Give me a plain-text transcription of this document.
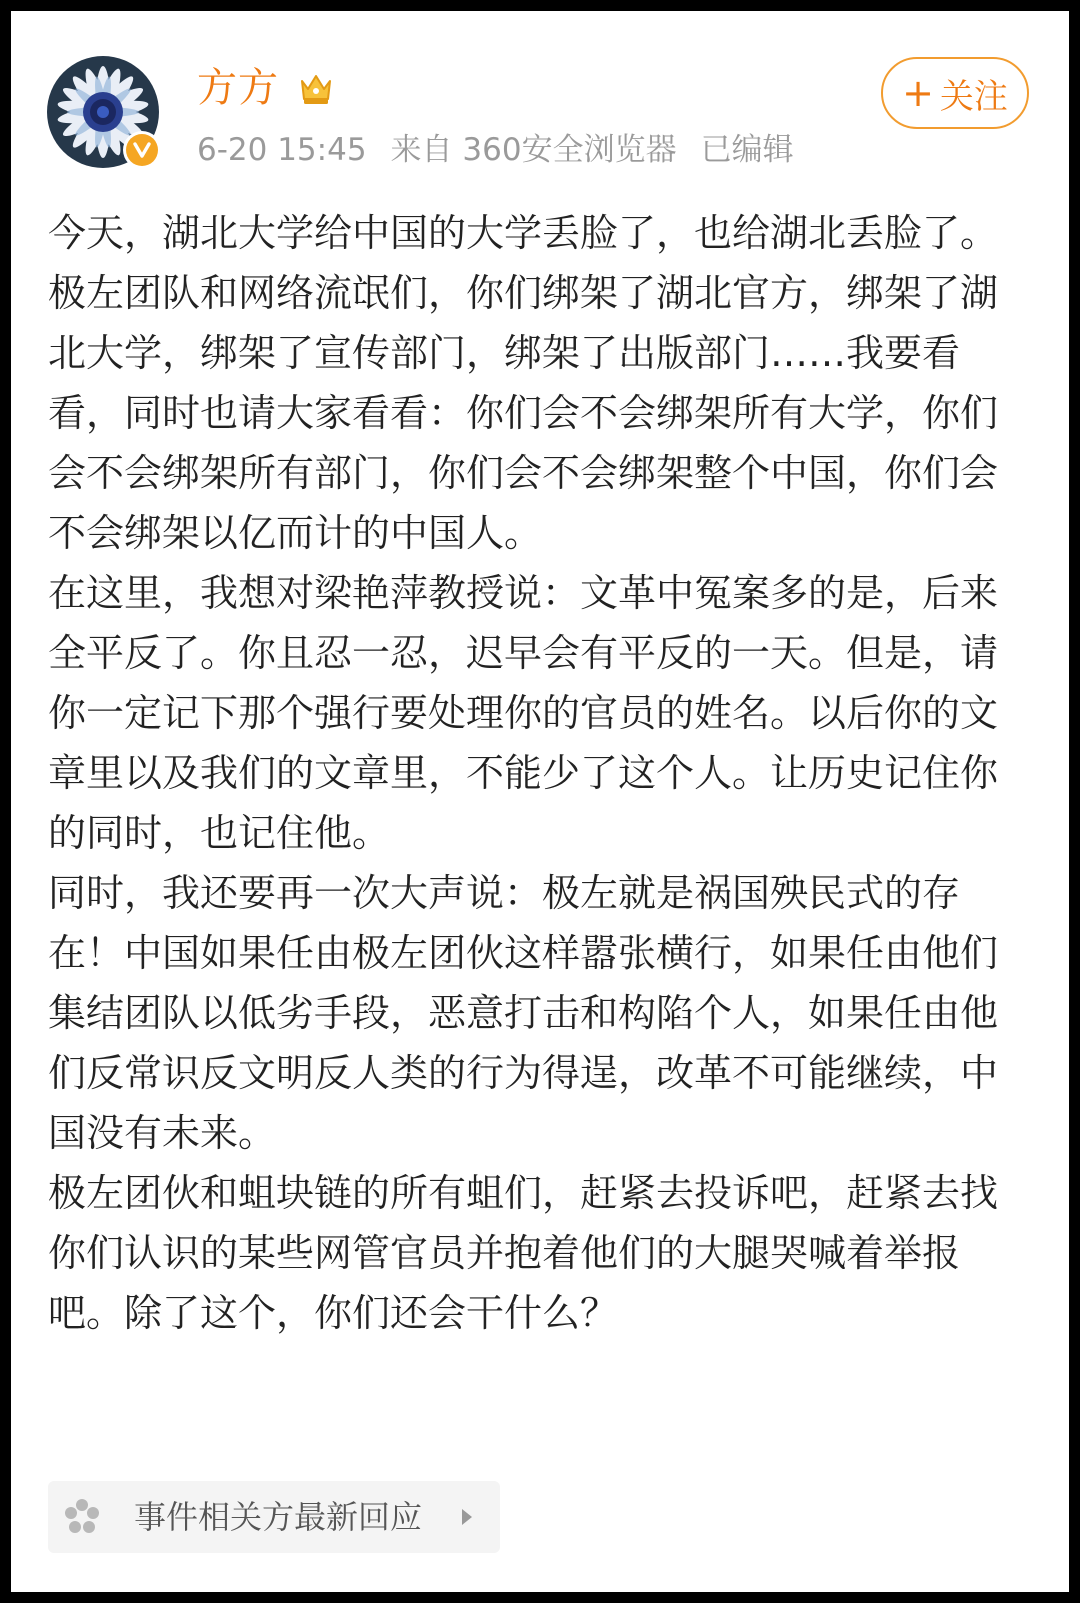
方方
6-20 15:45 来自 360安全浏览器 已编辑
+ 关注
今天，湖北大学给中国的大学丢脸了，也给湖北丢脸了。
极左团队和网络流氓们，你们绑架了湖北官方，绑架了湖北大学，绑架了宣传部门，绑架了出版部门……我要看看，同时也请大家看看：你们会不会绑架所有大学，你们会不会绑架所有部门，你们会不会绑架整个中国，你们会不会绑架以亿而计的中国人。
在这里，我想对梁艳萍教授说：文革中冤案多的是，后来全平反了。你且忍一忍，迟早会有平反的一天。但是，请你一定记下那个强行要处理你的官员的姓名。以后你的文章里以及我们的文章里，不能少了这个人。让历史记住你的同时，也记住他。
同时，我还要再一次大声说：极左就是祸国殃民式的存在！中国如果任由极左团伙这样嚣张横行，如果任由他们集结团队以低劣手段，恶意打击和构陷个人，如果任由他们反常识反文明反人类的行为得逞，改革不可能继续，中国没有未来。
极左团伙和蛆块链的所有蛆们，赶紧去投诉吧，赶紧去找你们认识的某些网管官员并抱着他们的大腿哭喊着举报吧。除了这个，你们还会干什么？
事件相关方最新回应
